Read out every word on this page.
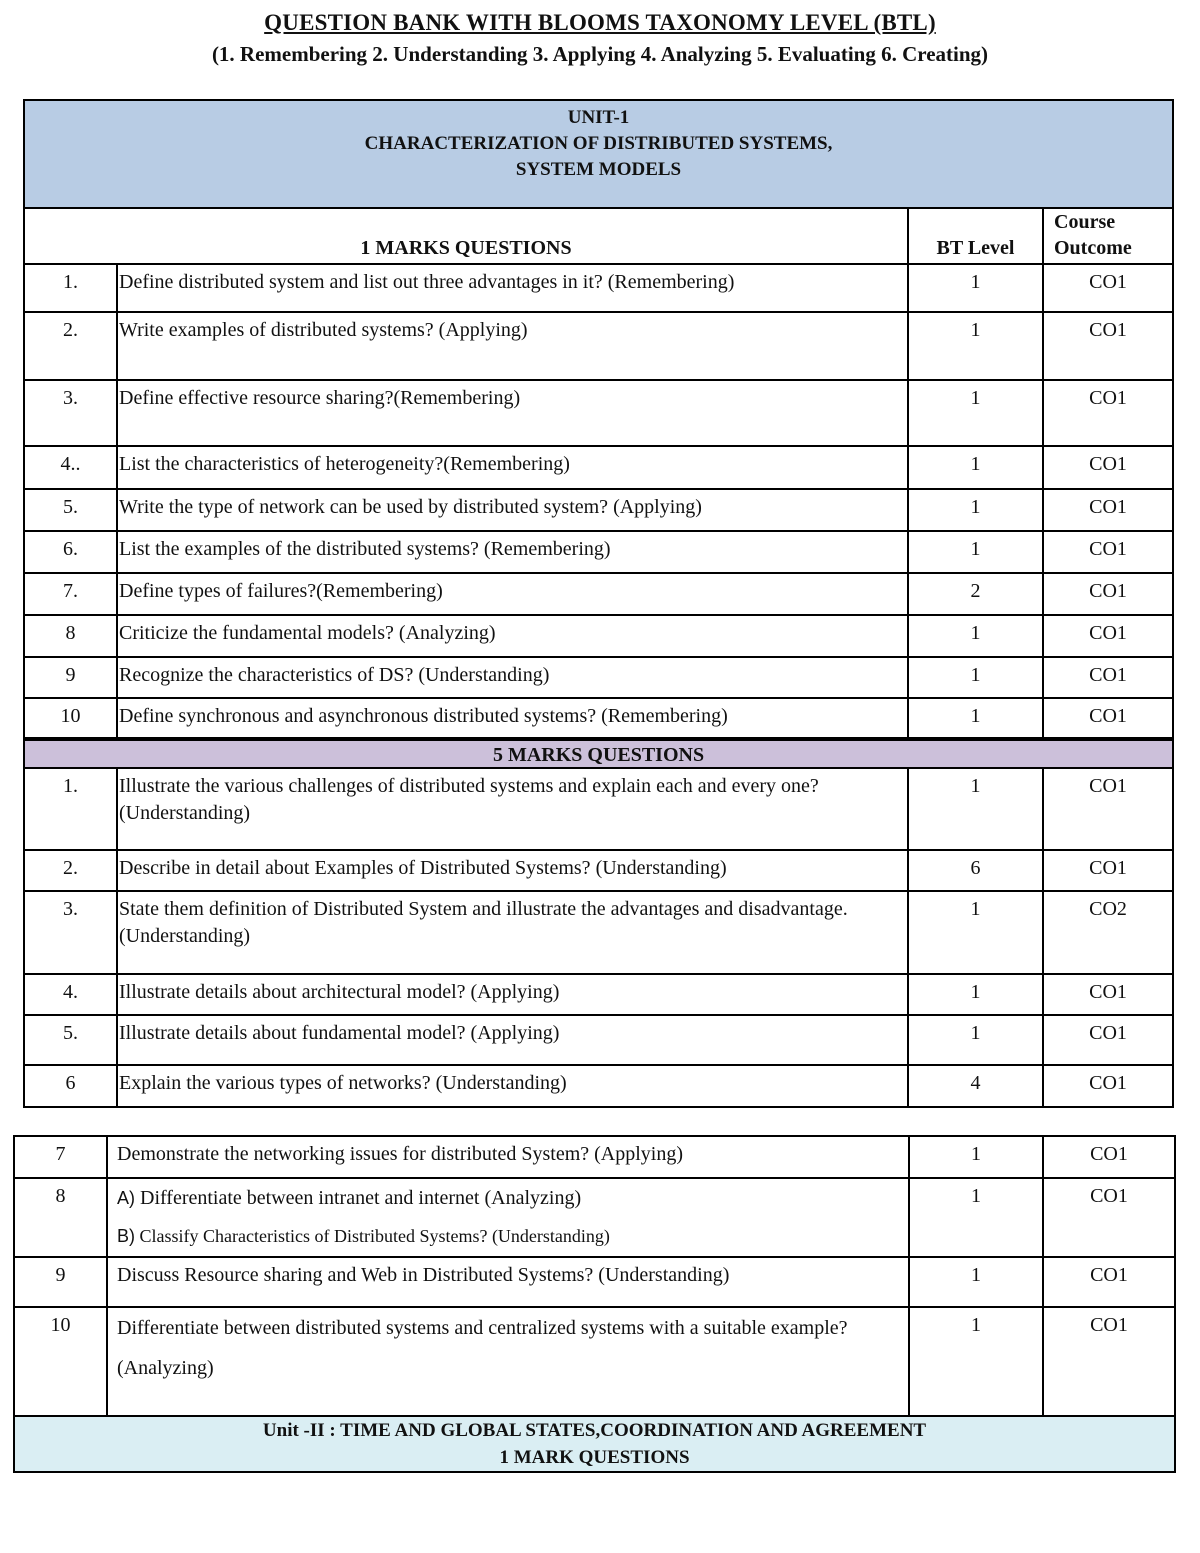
QUESTION BANK WITH BLOOMS TAXONOMY LEVEL (BTL)
(1. Remembering 2. Understanding 3. Applying 4. Analyzing 5. Evaluating 6. Creating)
UNIT-1
CHARACTERIZATION OF DISTRIBUTED SYSTEMS,
SYSTEM MODELS			

1 MARKS QUESTIONS		BT Level	Course
Outcome

1.	Define distributed system and list out three advantages in it? (Remembering)	1	CO1
2.	Write examples of distributed systems? (Applying)	1	CO1
3.	Define effective resource sharing?(Remembering)	1	CO1
4..	List the characteristics of heterogeneity?(Remembering)	1	CO1
5.	Write the type of network can be used by distributed system? (Applying)	1	CO1
6.	List the examples of the distributed systems? (Remembering)	1	CO1
7.	Define types of failures?(Remembering)	2	CO1
8	Criticize the fundamental models? (Analyzing)	1	CO1
9	Recognize the characteristics of DS? (Understanding)	1	CO1
10	Define synchronous and asynchronous distributed systems? (Remembering)	1	CO1
5 MARKS QUESTIONS			
1.	Illustrate the various challenges of distributed systems and explain each and every one? (Understanding)	1	CO1
2.	Describe in detail about Examples of Distributed Systems? (Understanding)	6	CO1
3.	State them definition of Distributed System and illustrate the advantages and disadvantage. (Understanding)	1	CO2
4.	Illustrate details about architectural model? (Applying)	1	CO1
5.	Illustrate details about fundamental model? (Applying)	1	CO1
6	Explain the various types of networks? (Understanding)	4	CO1
7	Demonstrate the networking issues for distributed System? (Applying)	1	CO1
8	A) Differentiate between intranet and internet (Analyzing)
B) Classify Characteristics of Distributed Systems? (Understanding)	1	CO1
9	Discuss Resource sharing and Web in Distributed Systems? (Understanding)	1	CO1
10	Differentiate between distributed systems and centralized systems with a suitable example? (Analyzing)	1	CO1

Unit -II : TIME AND GLOBAL STATES,COORDINATION AND AGREEMENT
1 MARK QUESTIONS			
